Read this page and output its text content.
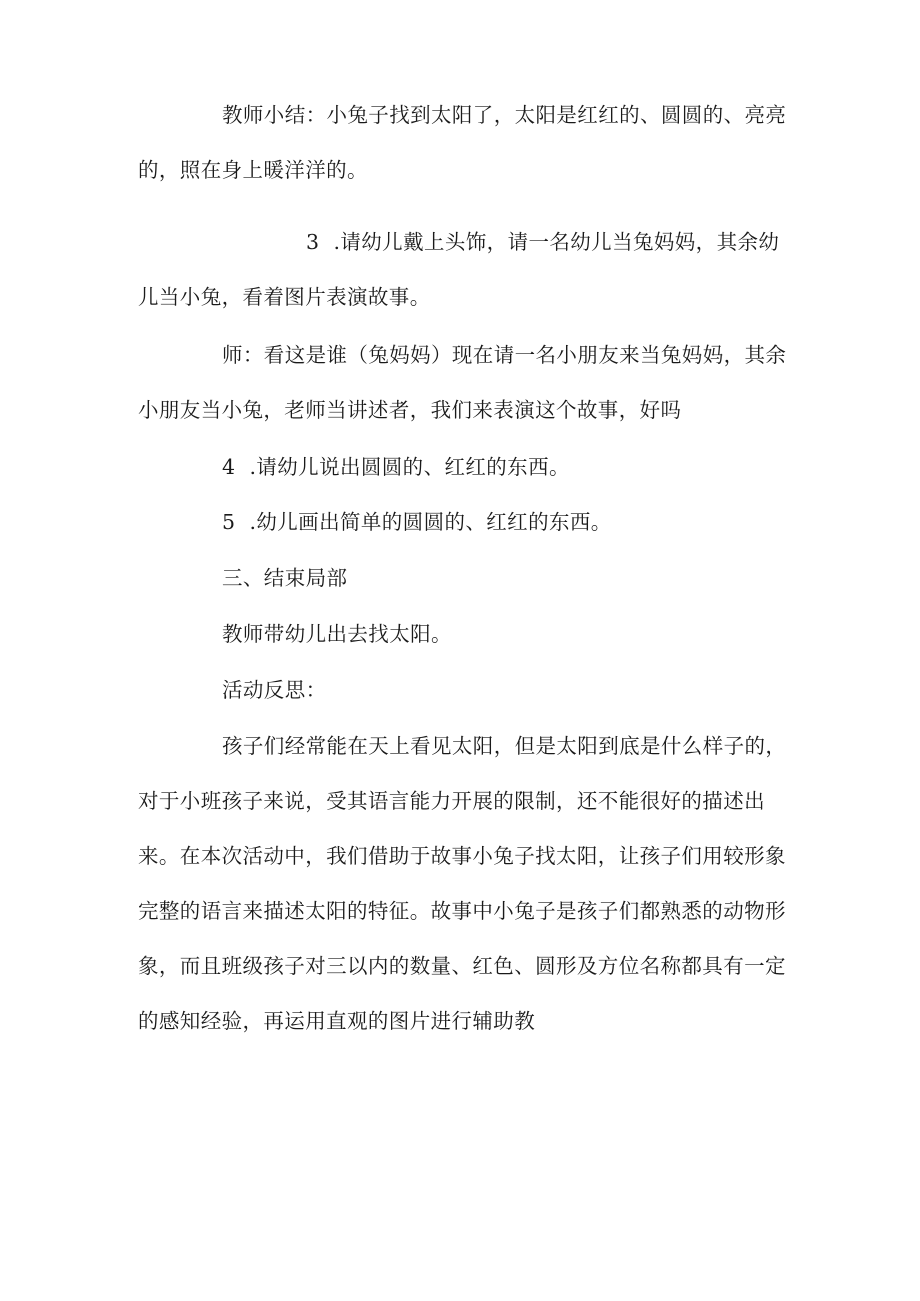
教师小结：小兔子找到太阳了，太阳是红红的、圆圆的、亮亮的，照在身上暖洋洋的。

3 .请幼儿戴上头饰，请一名幼儿当兔妈妈，其余幼儿当小兔，看着图片表演故事。

师：看这是谁（兔妈妈）现在请一名小朋友来当兔妈妈，其余小朋友当小兔，老师当讲述者，我们来表演这个故事，好吗

4 .请幼儿说出圆圆的、红红的东西。

5 .幼儿画出简单的圆圆的、红红的东西。

三、结束局部

教师带幼儿出去找太阳。

活动反思：

孩子们经常能在天上看见太阳，但是太阳到底是什么样子的，对于小班孩子来说，受其语言能力开展的限制，还不能很好的描述出来。在本次活动中，我们借助于故事小兔子找太阳，让孩子们用较形象完整的语言来描述太阳的特征。故事中小兔子是孩子们都熟悉的动物形象，而且班级孩子对三以内的数量、红色、圆形及方位名称都具有一定的感知经验，再运用直观的图片进行辅助教
